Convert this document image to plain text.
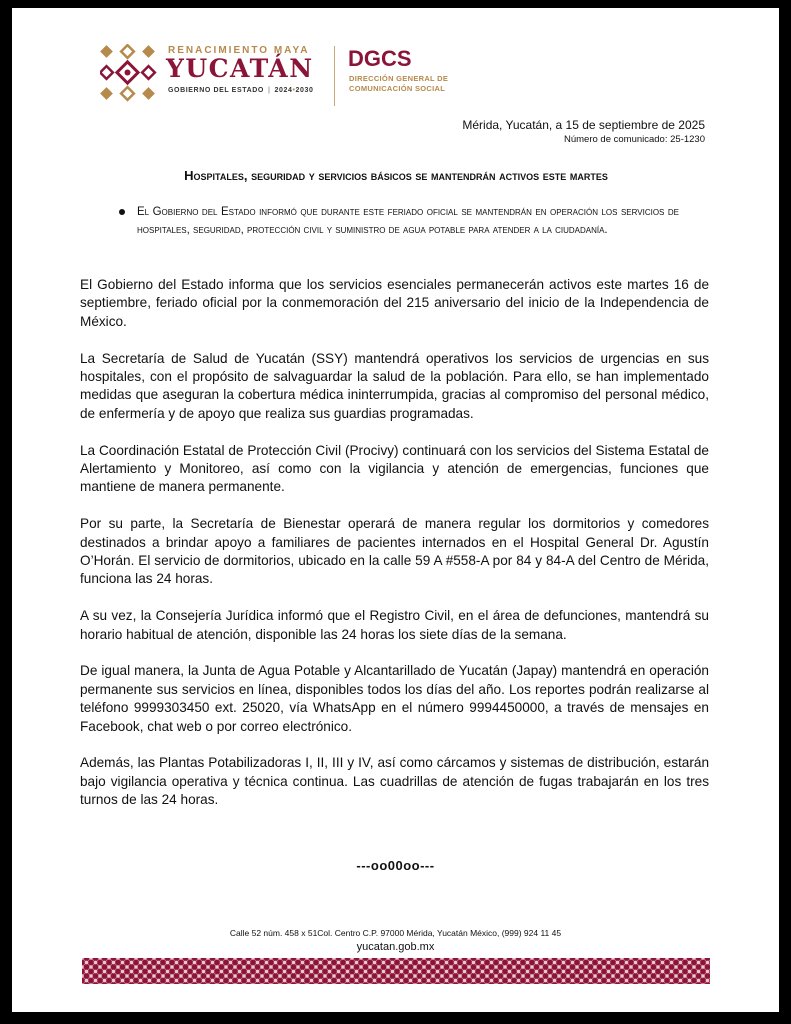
RENACIMIENTO MAYA
YUCATÁN
GOBIERNO DEL ESTADO | 2024•2030
DGCS
DIRECCIÓN GENERAL DE
COMUNICACIÓN SOCIAL
Mérida, Yucatán, a 15 de septiembre de 2025
Número de comunicado: 25-1230
Hospitales, seguridad y servicios básicos se mantendrán activos este martes
El Gobierno del Estado informó que durante este feriado oficial se mantendrán en operación los servicios de hospitales, seguridad, protección civil y suministro de agua potable para atender a la ciudadanía.

El Gobierno del Estado informa que los servicios esenciales permanecerán activos este martes 16 de septiembre, feriado oficial por la conmemoración del 215 aniversario del inicio de la Independencia de México.

La Secretaría de Salud de Yucatán (SSY) mantendrá operativos los servicios de urgencias en sus hospitales, con el propósito de salvaguardar la salud de la población. Para ello, se han implementado medidas que aseguran la cobertura médica ininterrumpida, gracias al compromiso del personal médico, de enfermería y de apoyo que realiza sus guardias programadas.

La Coordinación Estatal de Protección Civil (Procivy) continuará con los servicios del Sistema Estatal de Alertamiento y Monitoreo, así como con la vigilancia y atención de emergencias, funciones que mantiene de manera permanente.

Por su parte, la Secretaría de Bienestar operará de manera regular los dormitorios y comedores destinados a brindar apoyo a familiares de pacientes internados en el Hospital General Dr. Agustín O’Horán. El servicio de dormitorios, ubicado en la calle 59 A #558-A por 84 y 84-A del Centro de Mérida, funciona las 24 horas.

A su vez, la Consejería Jurídica informó que el Registro Civil, en el área de defunciones, mantendrá su horario habitual de atención, disponible las 24 horas los siete días de la semana.

De igual manera, la Junta de Agua Potable y Alcantarillado de Yucatán (Japay) mantendrá en operación permanente sus servicios en línea, disponibles todos los días del año. Los reportes podrán realizarse al teléfono 9999303450 ext. 25020, vía WhatsApp en el número 9994450000, a través de mensajes en Facebook, chat web o por correo electrónico.

Además, las Plantas Potabilizadoras I, II, III y IV, así como cárcamos y sistemas de distribución, estarán bajo vigilancia operativa y técnica continua. Las cuadrillas de atención de fugas trabajarán en los tres turnos de las 24 horas.

---oo00oo---
Calle 52 núm. 458 x 51Col. Centro C.P. 97000 Mérida, Yucatán México, (999) 924 11 45
yucatan.gob.mx
